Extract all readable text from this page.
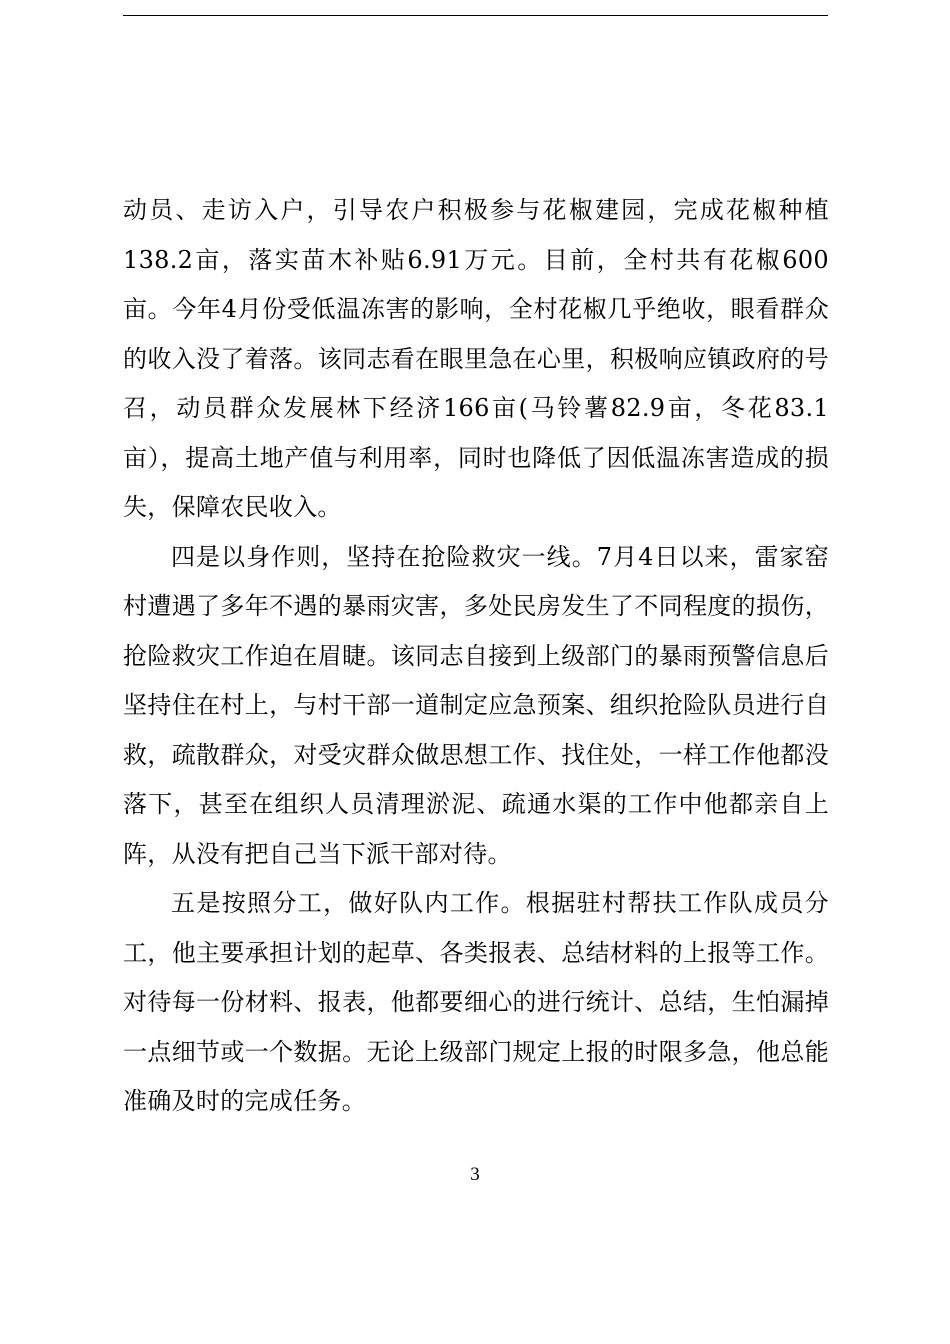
动员、走访入户，引导农户积极参与花椒建园，完成花椒种植138.2亩，落实苗木补贴6.91万元。目前，全村共有花椒600亩。今年4月份受低温冻害的影响，全村花椒几乎绝收，眼看群众的收入没了着落。该同志看在眼里急在心里，积极响应镇政府的号召，动员群众发展林下经济166亩(马铃薯82.9亩，冬花83.1亩），提高土地产值与利用率，同时也降低了因低温冻害造成的损失，保障农民收入。

四是以身作则，坚持在抢险救灾一线。7月4日以来，雷家窑村遭遇了多年不遇的暴雨灾害，多处民房发生了不同程度的损伤，抢险救灾工作迫在眉睫。该同志自接到上级部门的暴雨预警信息后坚持住在村上，与村干部一道制定应急预案、组织抢险队员进行自救，疏散群众，对受灾群众做思想工作、找住处，一样工作他都没落下，甚至在组织人员清理淤泥、疏通水渠的工作中他都亲自上阵，从没有把自己当下派干部对待。

五是按照分工，做好队内工作。根据驻村帮扶工作队成员分工，他主要承担计划的起草、各类报表、总结材料的上报等工作。对待每一份材料、报表，他都要细心的进行统计、总结，生怕漏掉一点细节或一个数据。无论上级部门规定上报的时限多急，他总能准确及时的完成任务。

3
